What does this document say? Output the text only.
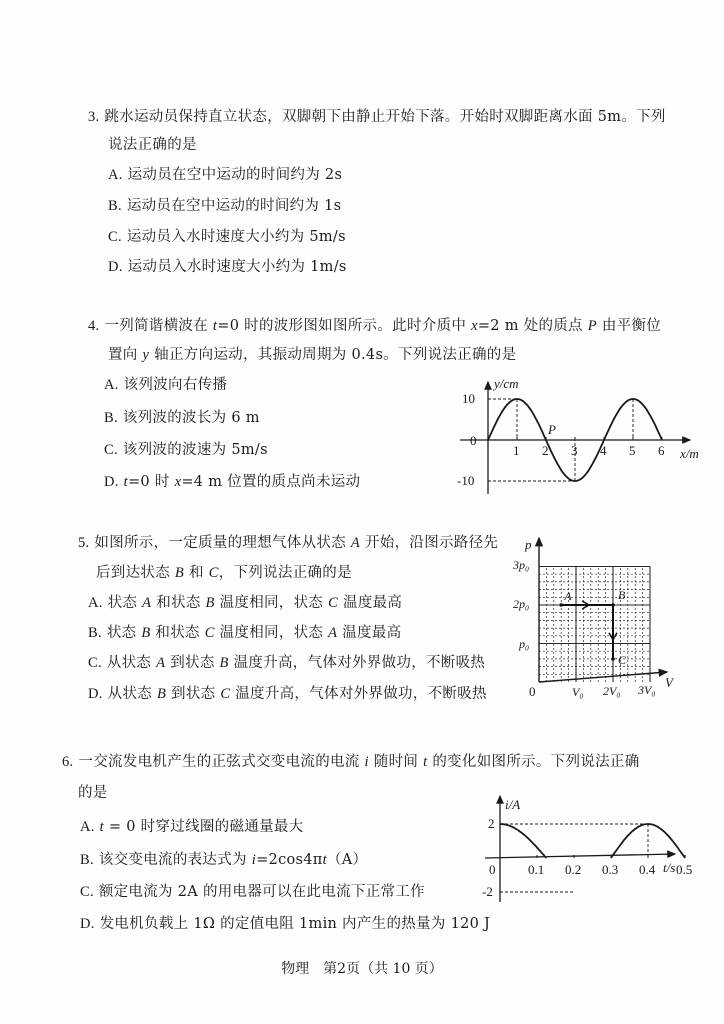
3. 跳水运动员保持直立状态，双脚朝下由静止开始下落。开始时双脚距离水面 5m。下列
说法正确的是
A. 运动员在空中运动的时间约为 2s
B. 运动员在空中运动的时间约为 1s
C. 运动员入水时速度大小约为 5m/s
D. 运动员入水时速度大小约为 1m/s
4. 一列简谐横波在 t=0 时的波形图如图所示。此时介质中 x=2 m 处的质点 P 由平衡位
置向 y 轴正方向运动，其振动周期为 0.4s。下列说法正确的是
A. 该列波向右传播
B. 该列波的波长为 6 m
C. 该列波的波速为 5m/s
D. t=0 时 x=4 m 位置的质点尚未运动
y/cm
x/m
10
0
-10
1 2 3 4 5 6
P
5. 如图所示，一定质量的理想气体从状态 A 开始，沿图示路径先
后到达状态 B 和 C，下列说法正确的是
A. 状态 A 和状态 B 温度相同，状态 C 温度最高
B. 状态 B 和状态 C 温度相同，状态 A 温度最高
C. 从状态 A 到状态 B 温度升高，气体对外界做功，不断吸热
D. 从状态 B 到状态 C 温度升高，气体对外界做功，不断吸热
p
V
0
3p₀
2p₀
p₀
V₀ 2V₀ 3V₀
A	B
C
6. 一交流发电机产生的正弦式交变电流的电流 i 随时间 t 的变化如图所示。下列说法正确
的是
A. t = 0 时穿过线圈的磁通量最大
B. 该交变电流的表达式为 i=2cos4πt（A）
C. 额定电流为 2A 的用电器可以在此电流下正常工作
D. 发电机负载上 1Ω 的定值电阻 1min 内产生的热量为 120 J
i/A
t/s
2
-2
0	0.1 0.2 0.3 0.4 0.5
物理　第2页（共 10 页）
